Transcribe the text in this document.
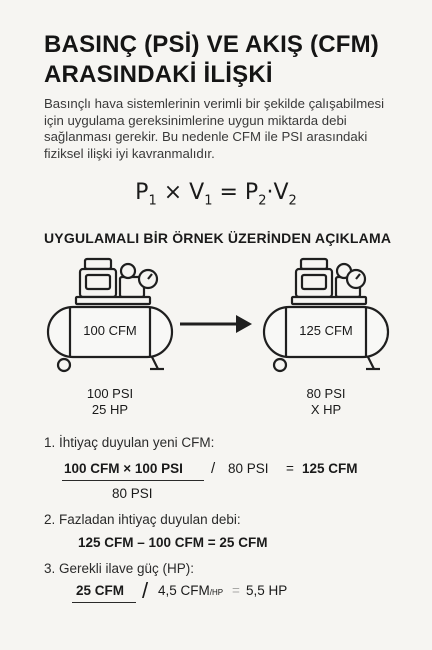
BASINÇ (PSİ) VE AKIŞ (CFM)
ARASINDAKİ İLİŞKİ
Basınçlı hava sistemlerinin verimli bir şekilde çalışabilmesi için uygulama gereksinimlerine uygun miktarda debi sağlanması gerekir. Bu nedenle CFM ile PSI arasındaki fiziksel ilişki iyi kavranmalıdır.
$P_1 \times V_1 = P_2\cdot V_2$
UYGULAMALI BİR ÖRNEK ÜZERİNDEN AÇIKLAMA
100 CFM	125 CFM
100 PSI
25 HP
80 PSI
X HP
1. İhtiyaç duyulan yeni CFM:
100 CFM × 100 PSI / 80 PSI = 125 CFM
80 PSI
2. Fazladan ihtiyaç duyulan debi:
125 CFM – 100 CFM = 25 CFM
3. Gerekli ilave güç (HP):
25 CFM / 4,5 CFM/HP = 5,5 HP
